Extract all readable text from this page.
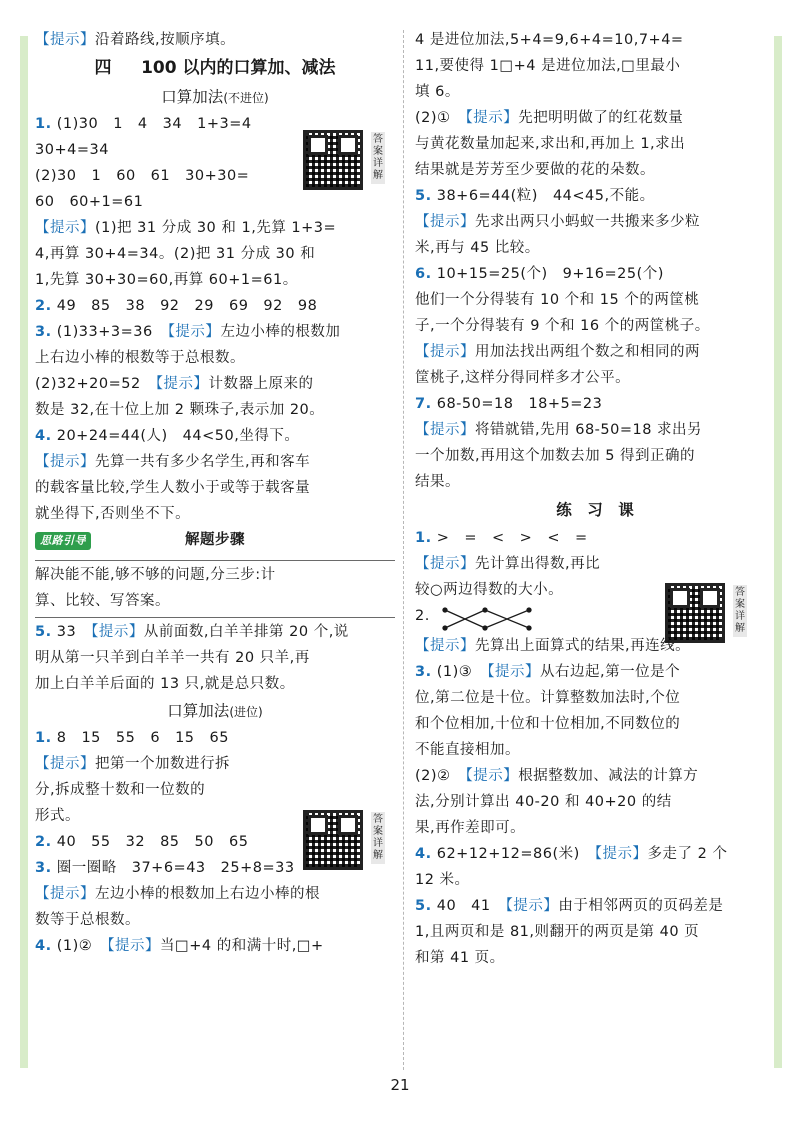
【提示】沿着路线,按顺序填。
四 100 以内的口算加、减法
口算加法(不进位)
答案详解
1. (1)30　1　4　34　1+3=4
30+4=34
(2)30　1　60　61　30+30=
60　60+1=61
【提示】(1)把 31 分成 30 和 1,先算 1+3=
4,再算 30+4=34。(2)把 31 分成 30 和
1,先算 30+30=60,再算 60+1=61。
2. 49　85　38　92　29　69　92　98
3. (1)33+3=36　【提示】左边小棒的根数加
上右边小棒的根数等于总根数。
(2)32+20=52　【提示】计数器上原来的
数是 32,在十位上加 2 颗珠子,表示加 20。
4. 20+24=44(人)　44<50,坐得下。
【提示】先算一共有多少名学生,再和客车
的载客量比较,学生人数小于或等于载客量
就坐得下,否则坐不下。
思路引导	解题步骤
解决能不能,够不够的问题,分三步:计
算、比较、写答案。
5. 33　【提示】从前面数,白羊羊排第 20 个,说
明从第一只羊到白羊羊一共有 20 只羊,再
加上白羊羊后面的 13 只,就是总只数。
口算加法(进位)
答案详解
1. 8　15　55　6　15　65
【提示】把第一个加数进行拆
分,拆成整十数和一位数的
形式。
2. 40　55　32　85　50　65
3. 圈一圈略　37+6=43　25+8=33
【提示】左边小棒的根数加上右边小棒的根
数等于总根数。
4. (1)②　【提示】当□+4 的和满十时,□+
4 是进位加法,5+4=9,6+4=10,7+4=
11,要使得 1□+4 是进位加法,□里最小
填 6。
(2)①　【提示】先把明明做了的红花数量
与黄花数量加起来,求出和,再加上 1,求出
结果就是芳芳至少要做的花的朵数。
5. 38+6=44(粒)　44<45,不能。
【提示】先求出两只小蚂蚁一共搬来多少粒
米,再与 45 比较。
6. 10+15=25(个)　9+16=25(个)
他们一个分得装有 10 个和 15 个的两筐桃
子,一个分得装有 9 个和 16 个的两筐桃子。
【提示】用加法找出两组个数之和相同的两
筐桃子,这样分得同样多才公平。
7. 68-50=18　18+5=23
【提示】将错就错,先用 68-50=18 求出另
一个加数,再用这个加数去加 5 得到正确的
结果。
练　习　课
答案详解
1. >　=　<　>　<　=
【提示】先计算出得数,再比
较○两边得数的大小。
2.
【提示】先算出上面算式的结果,再连线。
3. (1)③　【提示】从右边起,第一位是个
位,第二位是十位。计算整数加法时,个位
和个位相加,十位和十位相加,不同数位的
不能直接相加。
(2)②　【提示】根据整数加、减法的计算方
法,分别计算出 40-20 和 40+20 的结
果,再作差即可。
4. 62+12+12=86(米)　【提示】多走了 2 个
12 米。
5. 40　41　【提示】由于相邻两页的页码差是
1,且两页和是 81,则翻开的两页是第 40 页
和第 41 页。
21
